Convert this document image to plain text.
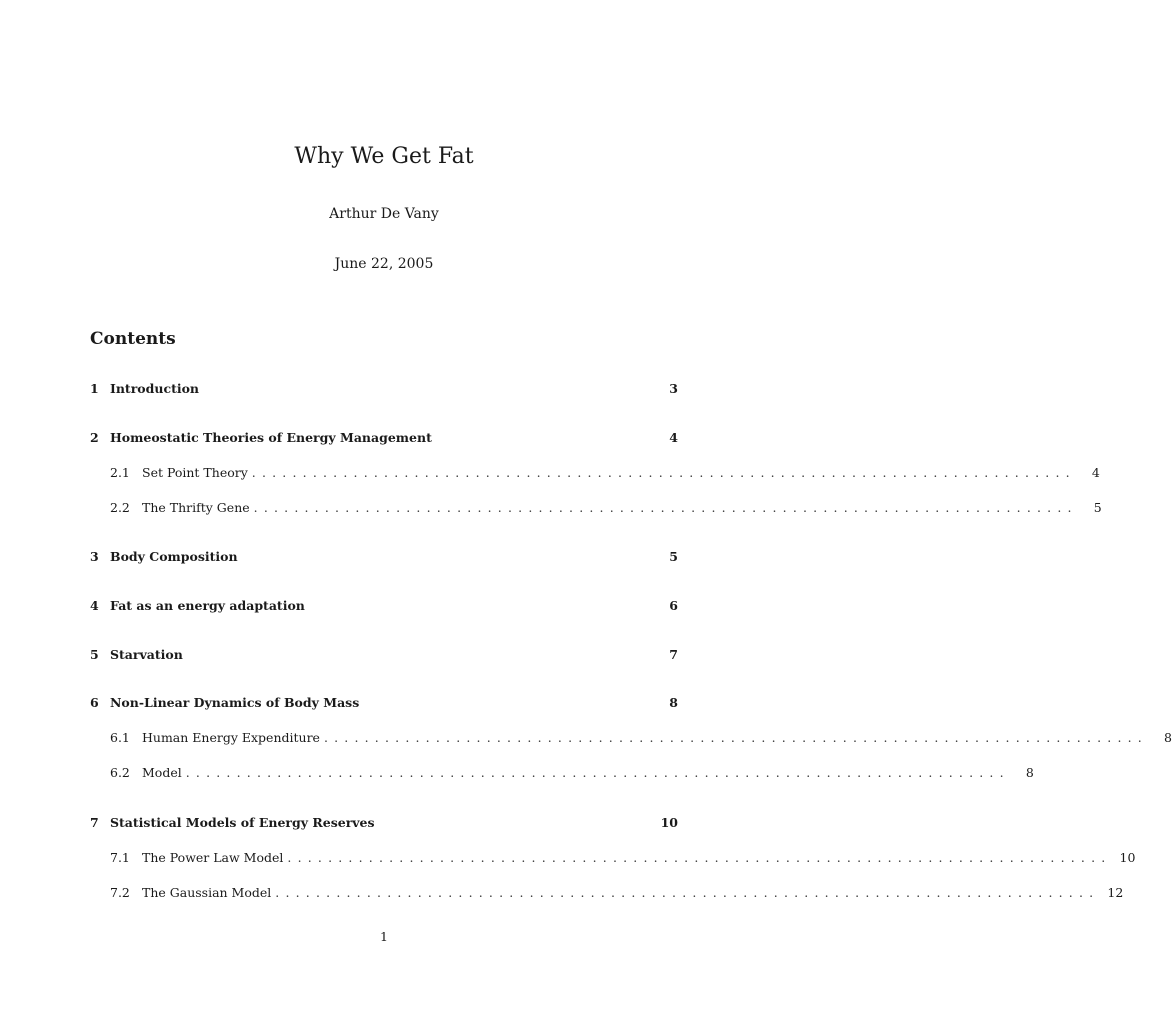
Why We Get Fat
Arthur De Vany
June 22, 2005
Contents
1 Introduction	3
2 Homeostatic Theories of Energy Management	4
2.1 Set Point Theory .................................................................................	4
2.2 The Thrifty Gene .................................................................................	5
3 Body Composition	5
4 Fat as an energy adaptation	6
5 Starvation	7
6 Non-Linear Dynamics of Body Mass	8
6.1 Human Energy Expenditure .................................................................................	8
6.2 Model .................................................................................	8
7 Statistical Models of Energy Reserves	10
7.1 The Power Law Model ................................................................................. 10
7.2 The Gaussian Model ................................................................................. 12
1
